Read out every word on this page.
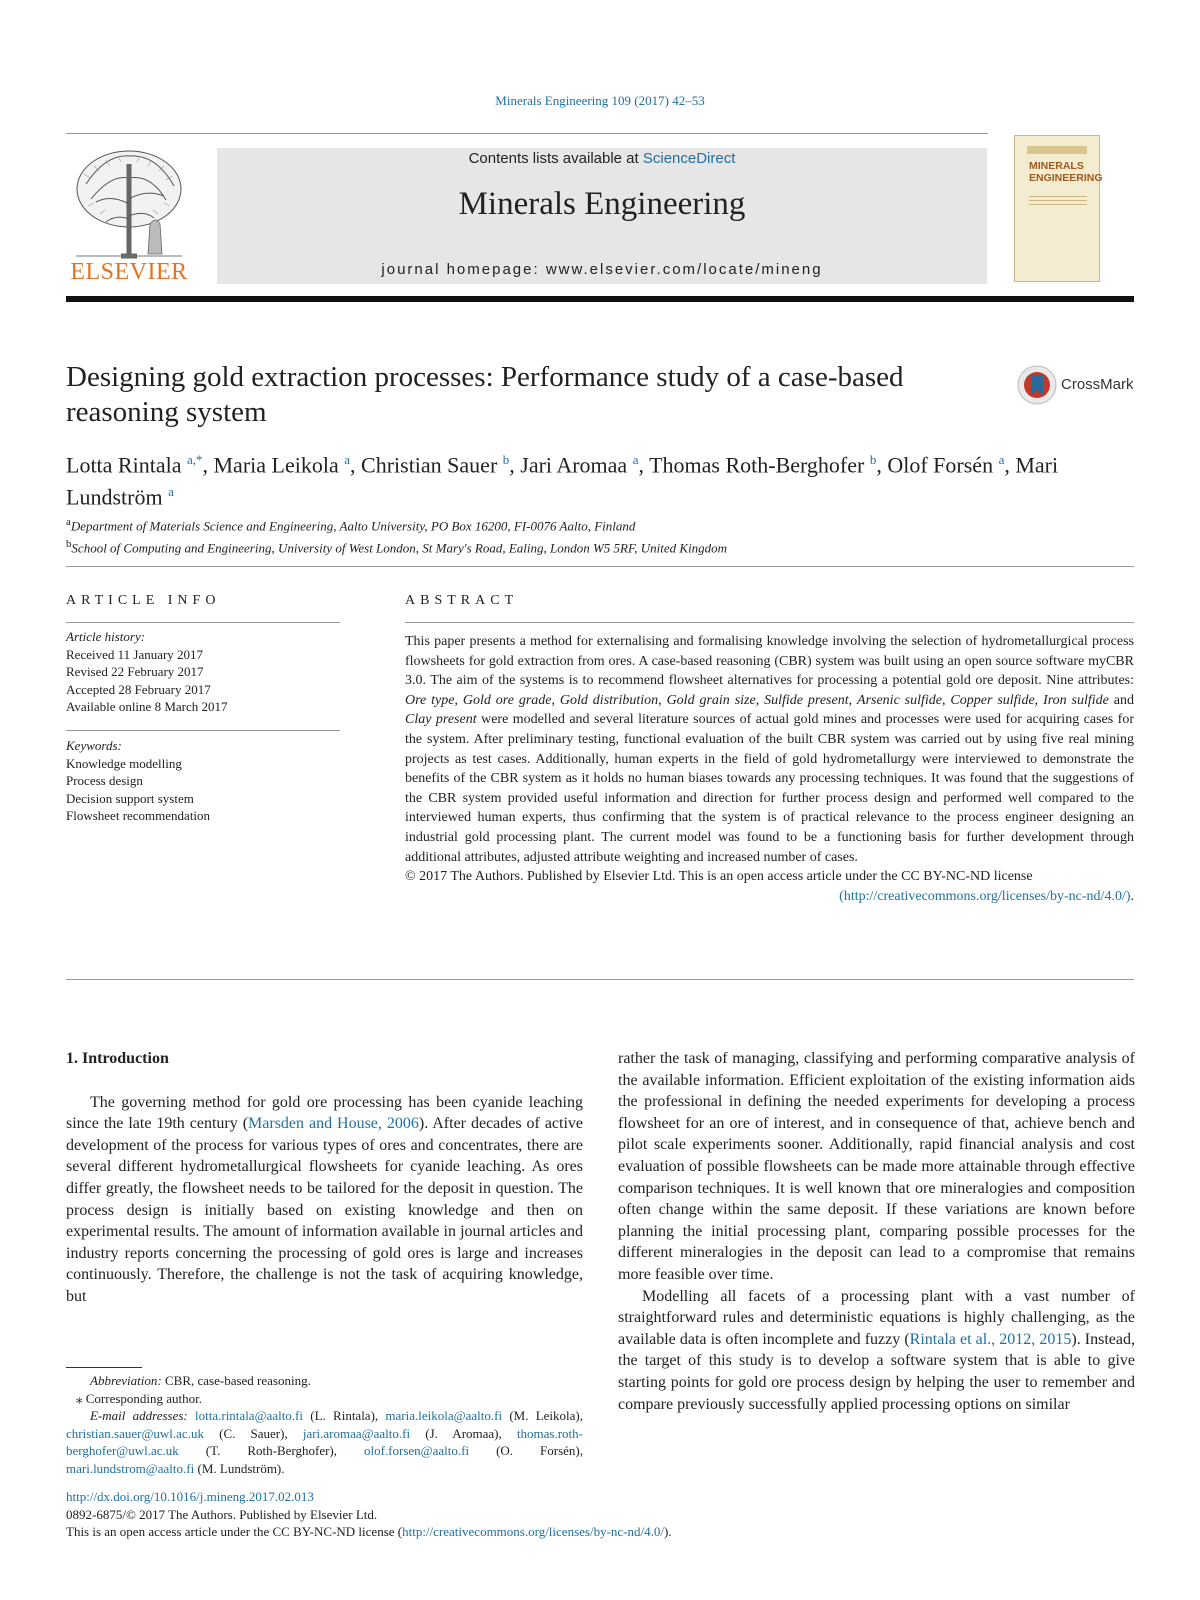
Minerals Engineering 109 (2017) 42–53
ELSEVIER
Contents lists available at ScienceDirect
Minerals Engineering
journal homepage: www.elsevier.com/locate/mineng
MINERALS
ENGINEERING
Designing gold extraction processes: Performance study of a case-based reasoning system
CrossMark
Lotta Rintala $^{a,*}$, Maria Leikola $^a$, Christian Sauer $^b$, Jari Aromaa $^a$, Thomas Roth-Berghofer $^b$, Olof Forsén $^a$, Mari Lundström $^a$
$^a$Department of Materials Science and Engineering, Aalto University, PO Box 16200, FI-0076 Aalto, Finland
$^b$School of Computing and Engineering, University of West London, St Mary's Road, Ealing, London W5 5RF, United Kingdom
ARTICLE INFO
Article history:
Received 11 January 2017
Revised 22 February 2017
Accepted 28 February 2017
Available online 8 March 2017
Keywords:
Knowledge modelling
Process design
Decision support system
Flowsheet recommendation
ABSTRACT
This paper presents a method for externalising and formalising knowledge involving the selection of hydrometallurgical process flowsheets for gold extraction from ores. A case-based reasoning (CBR) system was built using an open source software myCBR 3.0. The aim of the systems is to recommend flowsheet alternatives for processing a potential gold ore deposit. Nine attributes: Ore type, Gold ore grade, Gold distribution, Gold grain size, Sulfide present, Arsenic sulfide, Copper sulfide, Iron sulfide and Clay present were modelled and several literature sources of actual gold mines and processes were used for acquiring cases for the system. After preliminary testing, functional evaluation of the built CBR system was carried out by using five real mining projects as test cases. Additionally, human experts in the field of gold hydrometallurgy were interviewed to demonstrate the benefits of the CBR system as it holds no human biases towards any processing techniques. It was found that the suggestions of the CBR system provided useful information and direction for further process design and performed well compared to the interviewed human experts, thus confirming that the system is of practical relevance to the process engineer designing an industrial gold processing plant. The current model was found to be a functioning basis for further development through additional attributes, adjusted attribute weighting and increased number of cases.
© 2017 The Authors. Published by Elsevier Ltd. This is an open access article under the CC BY-NC-ND license
(http://creativecommons.org/licenses/by-nc-nd/4.0/).

1. Introduction

The governing method for gold ore processing has been cyanide leaching since the late 19th century (Marsden and House, 2006). After decades of active development of the process for various types of ores and concentrates, there are several different hydrometallurgical flowsheets for cyanide leaching. As ores differ greatly, the flowsheet needs to be tailored for the deposit in question. The process design is initially based on existing knowledge and then on experimental results. The amount of information available in journal articles and industry reports concerning the processing of gold ores is large and increases continuously. Therefore, the challenge is not the task of acquiring knowledge, but

Abbreviation: CBR, case-based reasoning.

⁎ Corresponding author.

E-mail addresses: lotta.rintala@aalto.fi (L. Rintala), maria.leikola@aalto.fi (M. Leikola), christian.sauer@uwl.ac.uk (C. Sauer), jari.aromaa@aalto.fi (J. Aromaa), thomas.roth-berghofer@uwl.ac.uk (T. Roth-Berghofer), olof.forsen@aalto.fi (O. Forsén), mari.lundstrom@aalto.fi (M. Lundström).

rather the task of managing, classifying and performing comparative analysis of the available information. Efficient exploitation of the existing information aids the professional in defining the needed experiments for developing a process flowsheet for an ore of interest, and in consequence of that, achieve bench and pilot scale experiments sooner. Additionally, rapid financial analysis and cost evaluation of possible flowsheets can be made more attainable through effective comparison techniques. It is well known that ore mineralogies and composition often change within the same deposit. If these variations are known before planning the initial processing plant, comparing possible processes for the different mineralogies in the deposit can lead to a compromise that remains more feasible over time.

Modelling all facets of a processing plant with a vast number of straightforward rules and deterministic equations is highly challenging, as the available data is often incomplete and fuzzy (Rintala et al., 2012, 2015). Instead, the target of this study is to develop a software system that is able to give starting points for gold ore process design by helping the user to remember and compare previously successfully applied processing options on similar

http://dx.doi.org/10.1016/j.mineng.2017.02.013

0892-6875/© 2017 The Authors. Published by Elsevier Ltd.

This is an open access article under the CC BY-NC-ND license (http://creativecommons.org/licenses/by-nc-nd/4.0/).
